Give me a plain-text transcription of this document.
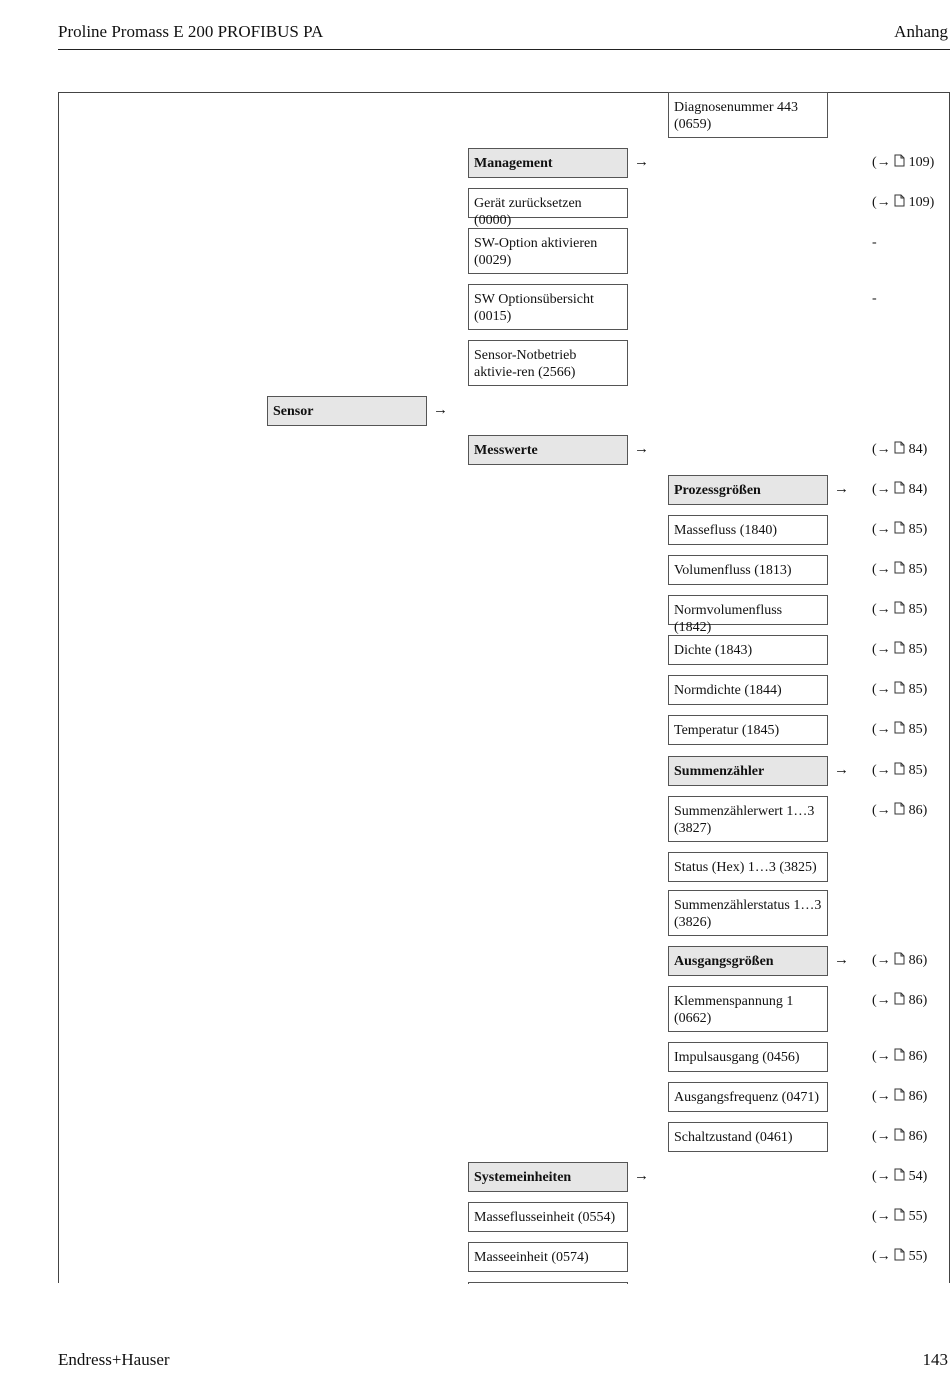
Proline Promass E 200 PROFIBUS PA	Anhang
Diagnosenummer 443 (0659)
Management	→	(→  109)
Gerät zurücksetzen (0000)
(→  109)
SW-Option aktivieren (0029)
-
SW Optionsübersicht (0015)
-
Sensor-Notbetrieb aktivie-ren (2566)
Sensor	→
Messwerte	→	(→  84)
Prozessgrößen	→ (→  84)
Massefluss (1840)	(→  85)
Volumenfluss (1813)	(→  85)
Normvolumenfluss (1842)
(→  85)
Dichte (1843)	(→  85)
Normdichte (1844)	(→  85)
Temperatur (1845)	(→  85)
Summenzähler	→ (→  85)
Summenzählerwert 1…3 (3827)
(→  86)
Status (Hex) 1…3 (3825)
Summenzählerstatus 1…3 (3826)
Ausgangsgrößen	→ (→  86)
Klemmenspannung 1 (0662)
(→  86)
Impulsausgang (0456)	(→  86)
Ausgangsfrequenz (0471)	(→  86)
Schaltzustand (0461)	(→  86)
Systemeinheiten	→	(→  54)
Masseflusseinheit (0554)	(→  55)
Masseeinheit (0574)	(→  55)
Endress+Hauser	143
